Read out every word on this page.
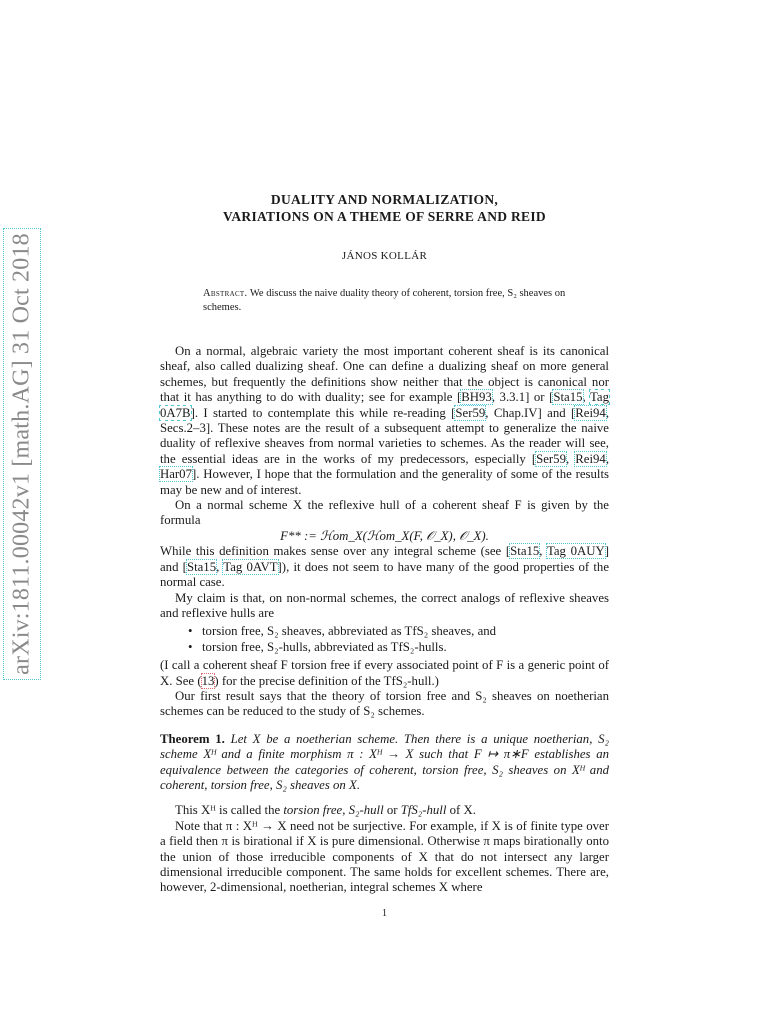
arXiv:1811.00042v1 [math.AG] 31 Oct 2018
DUALITY AND NORMALIZATION,
VARIATIONS ON A THEME OF SERRE AND REID
JÁNOS KOLLÁR
Abstract. We discuss the naive duality theory of coherent, torsion free, S₂ sheaves on schemes.

On a normal, algebraic variety the most important coherent sheaf is its canonical sheaf, also called dualizing sheaf. One can define a dualizing sheaf on more general schemes, but frequently the definitions show neither that the object is canonical nor that it has anything to do with duality; see for example [BH93, 3.3.1] or [Sta15, Tag 0A7B]. I started to contemplate this while re-reading [Ser59, Chap.IV] and [Rei94, Secs.2–3]. These notes are the result of a subsequent attempt to generalize the naive duality of reflexive sheaves from normal varieties to schemes. As the reader will see, the essential ideas are in the works of my predecessors, especially [Ser59, Rei94, Har07]. However, I hope that the formulation and the generality of some of the results may be new and of interest.

On a normal scheme X the reflexive hull of a coherent sheaf F is given by the formula

F** := ℋom_X(ℋom_X(F, 𝒪_X), 𝒪_X).

While this definition makes sense over any integral scheme (see [Sta15, Tag 0AUY] and [Sta15, Tag 0AVT]), it does not seem to have many of the good properties of the normal case.

My claim is that, on non-normal schemes, the correct analogs of reflexive sheaves and reflexive hulls are

• torsion free, S₂ sheaves, abbreviated as TfS₂ sheaves, and
• torsion free, S₂-hulls, abbreviated as TfS₂-hulls.

(I call a coherent sheaf F torsion free if every associated point of F is a generic point of X. See (13) for the precise definition of the TfS₂-hull.)

Our first result says that the theory of torsion free and S₂ sheaves on noetherian schemes can be reduced to the study of S₂ schemes.

Theorem 1. Let X be a noetherian scheme. Then there is a unique noetherian, S₂ scheme Xᴴ and a finite morphism π : Xᴴ → X such that F ↦ π∗F establishes an equivalence between the categories of coherent, torsion free, S₂ sheaves on Xᴴ and coherent, torsion free, S₂ sheaves on X.

This Xᴴ is called the torsion free, S₂-hull or TfS₂-hull of X.

Note that π : Xᴴ → X need not be surjective. For example, if X is of finite type over a field then π is birational if X is pure dimensional. Otherwise π maps birationally onto the union of those irreducible components of X that do not intersect any larger dimensional irreducible component. The same holds for excellent schemes. There are, however, 2-dimensional, noetherian, integral schemes X where

1
